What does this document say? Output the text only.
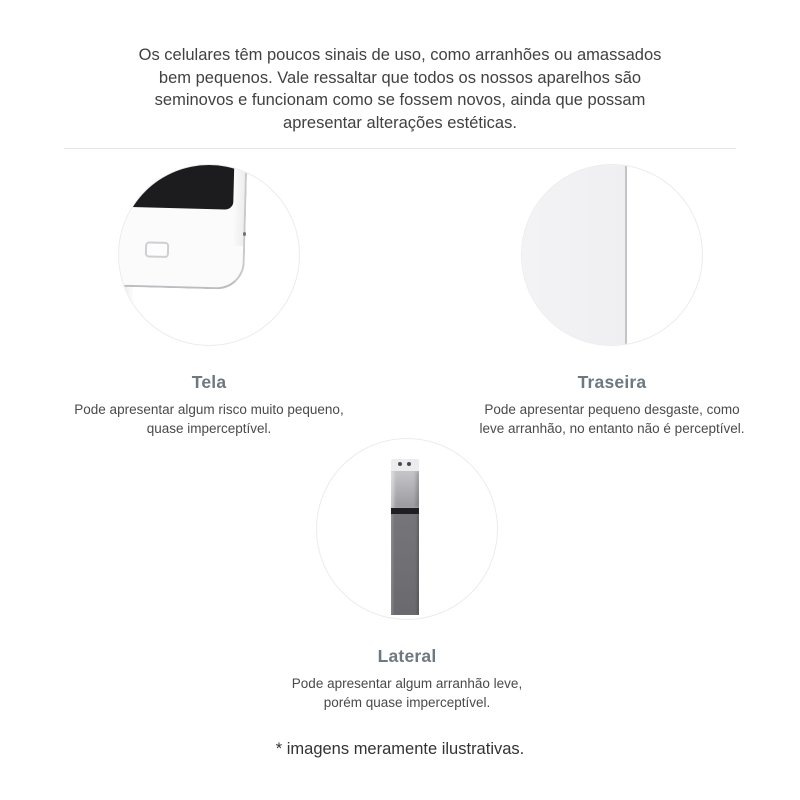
Os celulares têm poucos sinais de uso, como arranhões ou amassados
bem pequenos. Vale ressaltar que todos os nossos aparelhos são
seminovos e funcionam como se fossem novos, ainda que possam
apresentar alterações estéticas.
Tela

Pode apresentar algum risco muito pequeno,
quase imperceptível.

Traseira

Pode apresentar pequeno desgaste, como
leve arranhão, no entanto não é perceptível.

Lateral

Pode apresentar algum arranhão leve,
porém quase imperceptível.

* imagens meramente ilustrativas.
